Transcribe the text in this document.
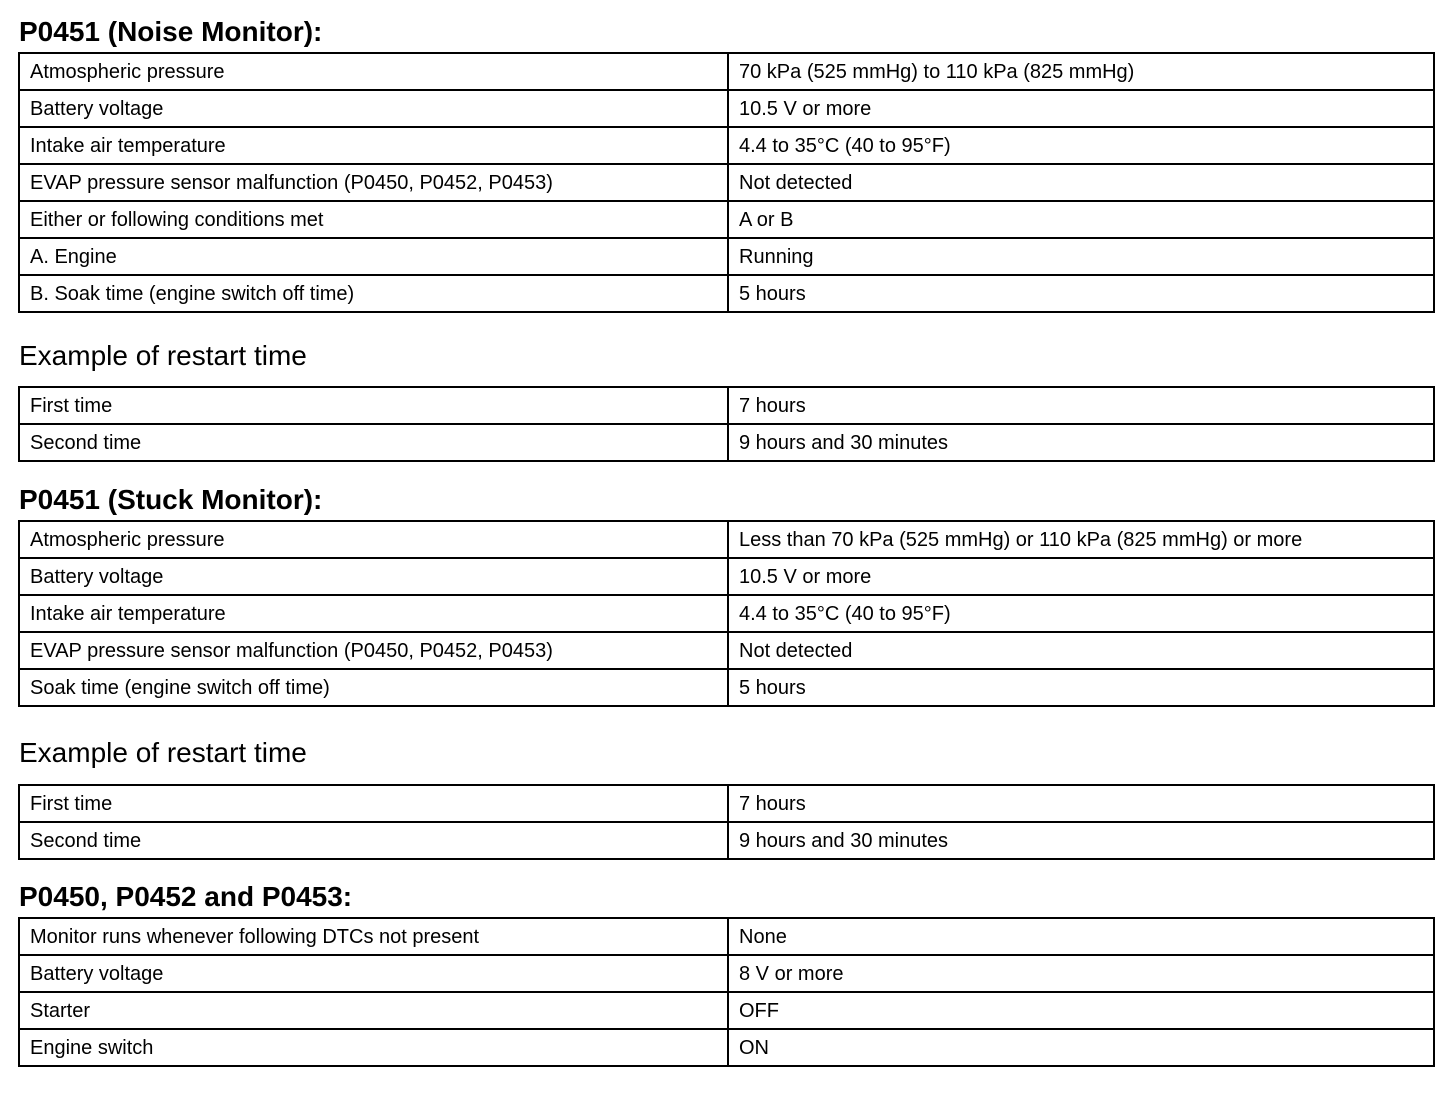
P0451 (Noise Monitor):
Atmospheric pressure	70 kPa (525 mmHg) to 110 kPa (825 mmHg)
Battery voltage	10.5 V or more
Intake air temperature	4.4 to 35°C (40 to 95°F)
EVAP pressure sensor malfunction (P0450, P0452, P0453)	Not detected
Either or following conditions met	A or B
A. Engine	Running
B. Soak time (engine switch off time)	5 hours
Example of restart time
First time	7 hours
Second time	9 hours and 30 minutes
P0451 (Stuck Monitor):
Atmospheric pressure	Less than 70 kPa (525 mmHg) or 110 kPa (825 mmHg) or more
Battery voltage	10.5 V or more
Intake air temperature	4.4 to 35°C (40 to 95°F)
EVAP pressure sensor malfunction (P0450, P0452, P0453)	Not detected
Soak time (engine switch off time)	5 hours
Example of restart time
First time	7 hours
Second time	9 hours and 30 minutes
P0450, P0452 and P0453:
Monitor runs whenever following DTCs not present	None
Battery voltage	8 V or more
Starter	OFF
Engine switch	ON
